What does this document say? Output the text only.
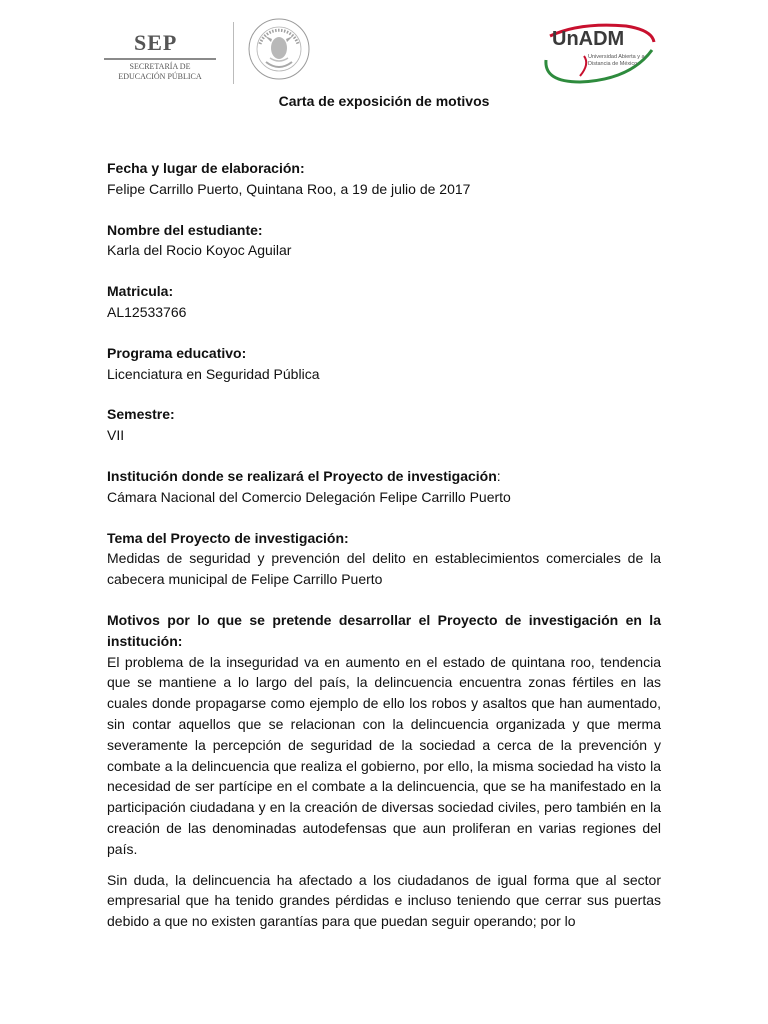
SEP
SECRETARÍA DE
EDUCACIÓN PÚBLICA
UnADM
Universidad Abierta y a
Distancia de México
Carta de exposición de motivos
Fecha y lugar de elaboración:
Felipe Carrillo Puerto, Quintana Roo, a 19 de julio de 2017
Nombre del estudiante:
Karla del Rocio Koyoc Aguilar
Matricula:
AL12533766
Programa educativo:
Licenciatura en Seguridad Pública
Semestre:
VII
Institución donde se realizará el Proyecto de investigación:
Cámara Nacional del Comercio Delegación Felipe Carrillo Puerto
Tema del Proyecto de investigación:
Medidas de seguridad y prevención del delito en establecimientos comerciales de la cabecera municipal de Felipe Carrillo Puerto
Motivos por lo que se pretende desarrollar el Proyecto de investigación en la institución:

El problema de la inseguridad va en aumento en el estado de quintana roo, tendencia que se mantiene a lo largo del país, la delincuencia encuentra zonas fértiles en las cuales donde propagarse como ejemplo de ello los robos y asaltos que han aumentado, sin contar aquellos que se relacionan con la delincuencia organizada y que merma severamente la percepción de seguridad de la sociedad a cerca de la prevención y combate a la delincuencia que realiza el gobierno, por ello, la misma sociedad ha visto la necesidad de ser partícipe en el combate a la delincuencia, que se ha manifestado en la participación ciudadana y en la creación de diversas sociedad civiles, pero también en la creación de las denominadas autodefensas que aun proliferan en varias regiones del país.

Sin duda, la delincuencia ha afectado a los ciudadanos de igual forma que al sector empresarial que ha tenido grandes pérdidas e incluso teniendo que cerrar sus puertas debido a que no existen garantías para que puedan seguir operando; por lo
